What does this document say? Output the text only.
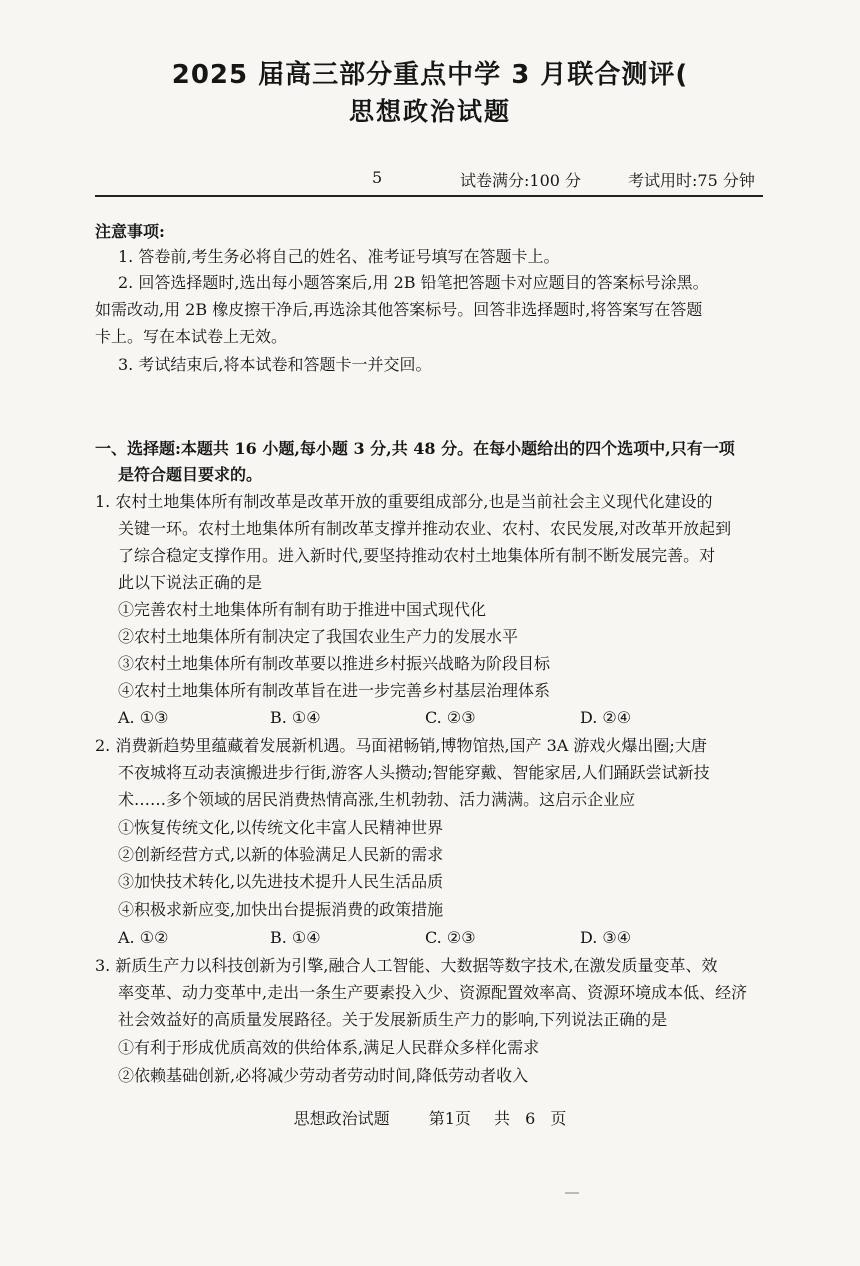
2025 届高三部分重点中学 3 月联合测评(
思想政治试题
5	试卷满分:100 分	考试用时:75 分钟
注意事项:
1. 答卷前,考生务必将自己的姓名、准考证号填写在答题卡上。
2. 回答选择题时,选出每小题答案后,用 2B 铅笔把答题卡对应题目的答案标号涂黑。
如需改动,用 2B 橡皮擦干净后,再选涂其他答案标号。回答非选择题时,将答案写在答题
卡上。写在本试卷上无效。
3. 考试结束后,将本试卷和答题卡一并交回。
一、选择题:本题共 16 小题,每小题 3 分,共 48 分。在每小题给出的四个选项中,只有一项
是符合题目要求的。
1. 农村土地集体所有制改革是改革开放的重要组成部分,也是当前社会主义现代化建设的
关键一环。农村土地集体所有制改革支撑并推动农业、农村、农民发展,对改革开放起到
了综合稳定支撑作用。进入新时代,要坚持推动农村土地集体所有制不断发展完善。对
此以下说法正确的是
①完善农村土地集体所有制有助于推进中国式现代化
②农村土地集体所有制决定了我国农业生产力的发展水平
③农村土地集体所有制改革要以推进乡村振兴战略为阶段目标
④农村土地集体所有制改革旨在进一步完善乡村基层治理体系
A. ①③	B. ①④	C. ②③	D. ②④
2. 消费新趋势里蕴藏着发展新机遇。马面裙畅销,博物馆热,国产 3A 游戏火爆出圈;大唐
不夜城将互动表演搬进步行街,游客人头攒动;智能穿戴、智能家居,人们踊跃尝试新技
术……多个领域的居民消费热情高涨,生机勃勃、活力满满。这启示企业应
①恢复传统文化,以传统文化丰富人民精神世界
②创新经营方式,以新的体验满足人民新的需求
③加快技术转化,以先进技术提升人民生活品质
④积极求新应变,加快出台提振消费的政策措施
A. ①②	B. ①④	C. ②③	D. ③④
3. 新质生产力以科技创新为引擎,融合人工智能、大数据等数字技术,在激发质量变革、效
率变革、动力变革中,走出一条生产要素投入少、资源配置效率高、资源环境成本低、经济
社会效益好的高质量发展路径。关于发展新质生产力的影响,下列说法正确的是
①有利于形成优质高效的供给体系,满足人民群众多样化需求
②依赖基础创新,必将减少劳动者劳动时间,降低劳动者收入
思想政治试题 第1页 共 6 页
